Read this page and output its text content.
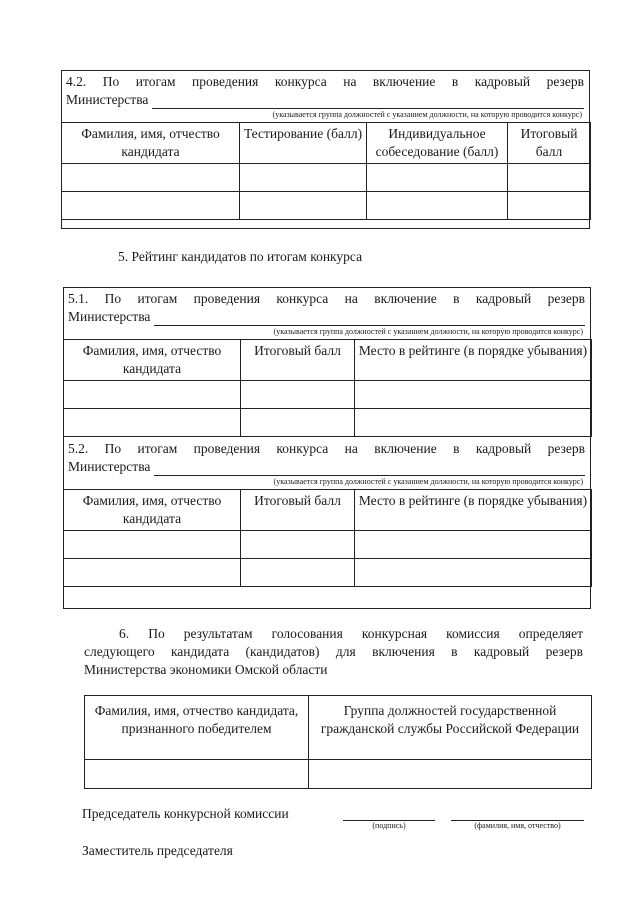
4.2. По итогам проведения конкурса на включение в кадровый резерв
Министерства
(указывается группа должностей с указанием должности, на которую проводится конкурс)
Фамилия, имя, отчество кандидата	Тестирование (балл)	Индивидуальное собеседование (балл)	Итоговый балл

5. Рейтинг кандидатов по итогам конкурса
5.1. По итогам проведения конкурса на включение в кадровый резерв
Министерства
(указывается группа должностей с указанием должности, на которую проводится конкурс)
Фамилия, имя, отчество кандидата	Итоговый балл	Место в рейтинге (в порядке убывания)

5.2. По итогам проведения конкурса на включение в кадровый резерв
Министерства
(указывается группа должностей с указанием должности, на которую проводится конкурс)
Фамилия, имя, отчество кандидата	Итоговый балл	Место в рейтинге (в порядке убывания)

6. По результатам голосования конкурсная комиссия определяет
следующего кандидата (кандидатов) для включения в кадровый резерв
Министерства экономики Омской области
Фамилия, имя, отчество кандидата, признанного победителем	Группа должностей государственной гражданской службы Российской Федерации

Председатель конкурсной комиссии
(подпись)	(фамилия, имя, отчество)
Заместитель председателя
